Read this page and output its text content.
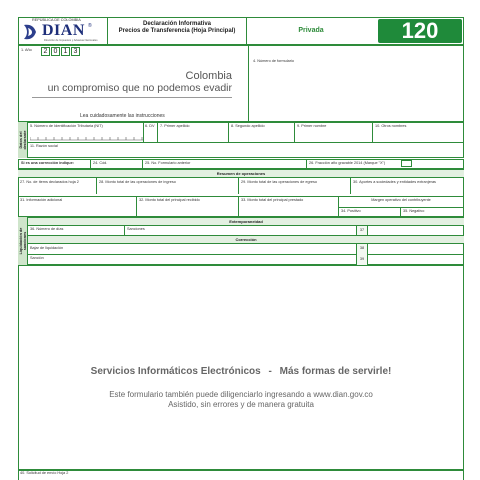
REPÚBLICA DE COLOMBIA
DIAN ®
Dirección de Impuestos y Aduanas Nacionales
Declaración Informativa
Precios de Transferencia (Hoja Principal)	Privada	120
1. Año	2 0 1 3
4. Número de formulario
Colombia
un compromiso que no podemos evadir
Lea cuidadosamente las instrucciones
Datos del declarante
5. Número de Identificación Tributaria (NIT)	6. DV 7. Primer apellido	8. Segundo apellido	9. Primer nombre	10. Otros nombres
11. Razón social
Si es una corrección indique:	24. Cód.	25. No. Formulario anterior	26. Fracción año gravable 2014 (Marque "X")
Resumen de operaciones
27. No. de ítems declarados hoja 2	28. Monto total de las operaciones de ingreso	29. Monto total de las operaciones de egreso	30. Aportes a sociedades y entidades extranjeras
31. Información adicional	32. Monto total del principal recibido	33. Monto total del principal prestado	Margen operativo del contribuyente
34. Positivo	35. Negativo
Liquidación de sanciones
Extemporaneidad
36. Número de días	Sanciones	37
Corrección
Bajar de liquidación	38
Sanción	39
Servicios Informáticos Electrónicos - Más formas de servirle!
Este formulario también puede diligenciarlo ingresando a www.dian.gov.co
Asistido, sin errores y de manera gratuita
40. Solicitud de envío Hoja 2
